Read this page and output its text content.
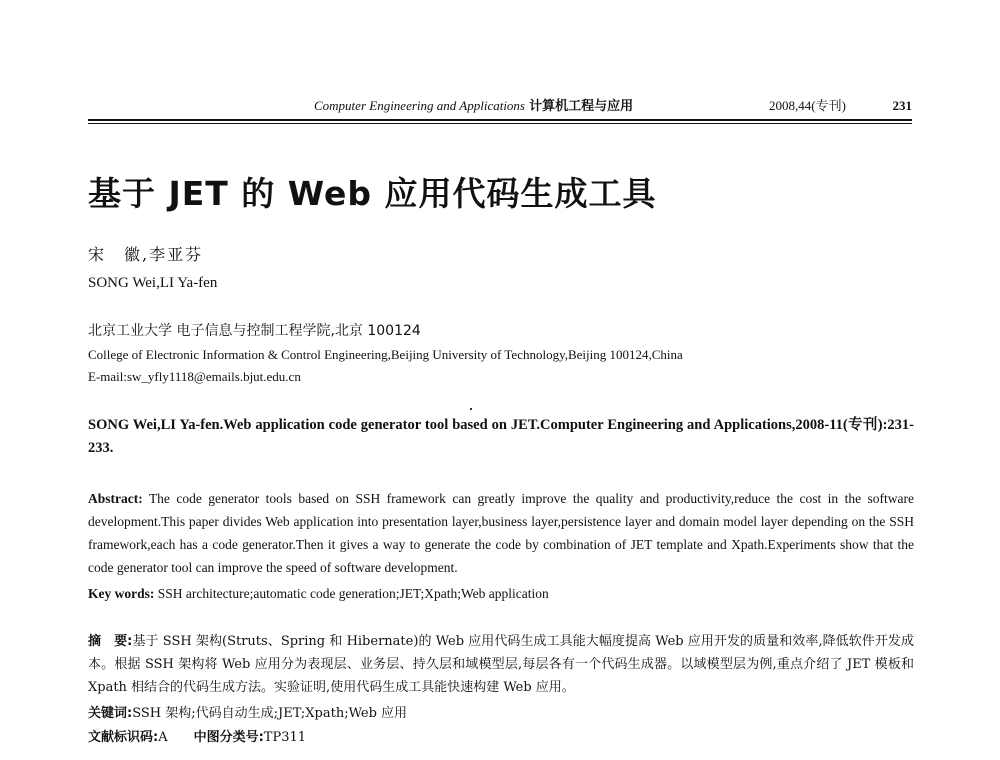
Computer Engineering and Applications 计算机工程与应用	2008,44(专刊)	231
基于 JET 的 Web 应用代码生成工具
宋　徽,李亚芬
SONG Wei,LI Ya-fen
北京工业大学 电子信息与控制工程学院,北京 100124
College of Electronic Information & Control Engineering,Beijing University of Technology,Beijing 100124,China
E-mail:sw_yfly1118@emails.bjut.edu.cn
SONG Wei,LI Ya-fen.Web application code generator tool based on JET.Computer Engineering and Applications,2008-11(专刊):231-233.
Abstract: The code generator tools based on SSH framework can greatly improve the quality and productivity,reduce the cost in the software development.This paper divides Web application into presentation layer,business layer,persistence layer and domain model layer depending on the SSH framework,each has a code generator.Then it gives a way to generate the code by combination of JET template and Xpath.Experiments show that the code generator tool can improve the speed of software development.
Key words: SSH architecture;automatic code generation;JET;Xpath;Web application
摘　要:基于 SSH 架构(Struts、Spring 和 Hibernate)的 Web 应用代码生成工具能大幅度提高 Web 应用开发的质量和效率,降低软件开发成本。根据 SSH 架构将 Web 应用分为表现层、业务层、持久层和域模型层,每层各有一个代码生成器。以域模型层为例,重点介绍了 JET 模板和 Xpath 相结合的代码生成方法。实验证明,使用代码生成工具能快速构建 Web 应用。
关键词:SSH 架构;代码自动生成;JET;Xpath;Web 应用
文献标识码:A 中图分类号:TP311
